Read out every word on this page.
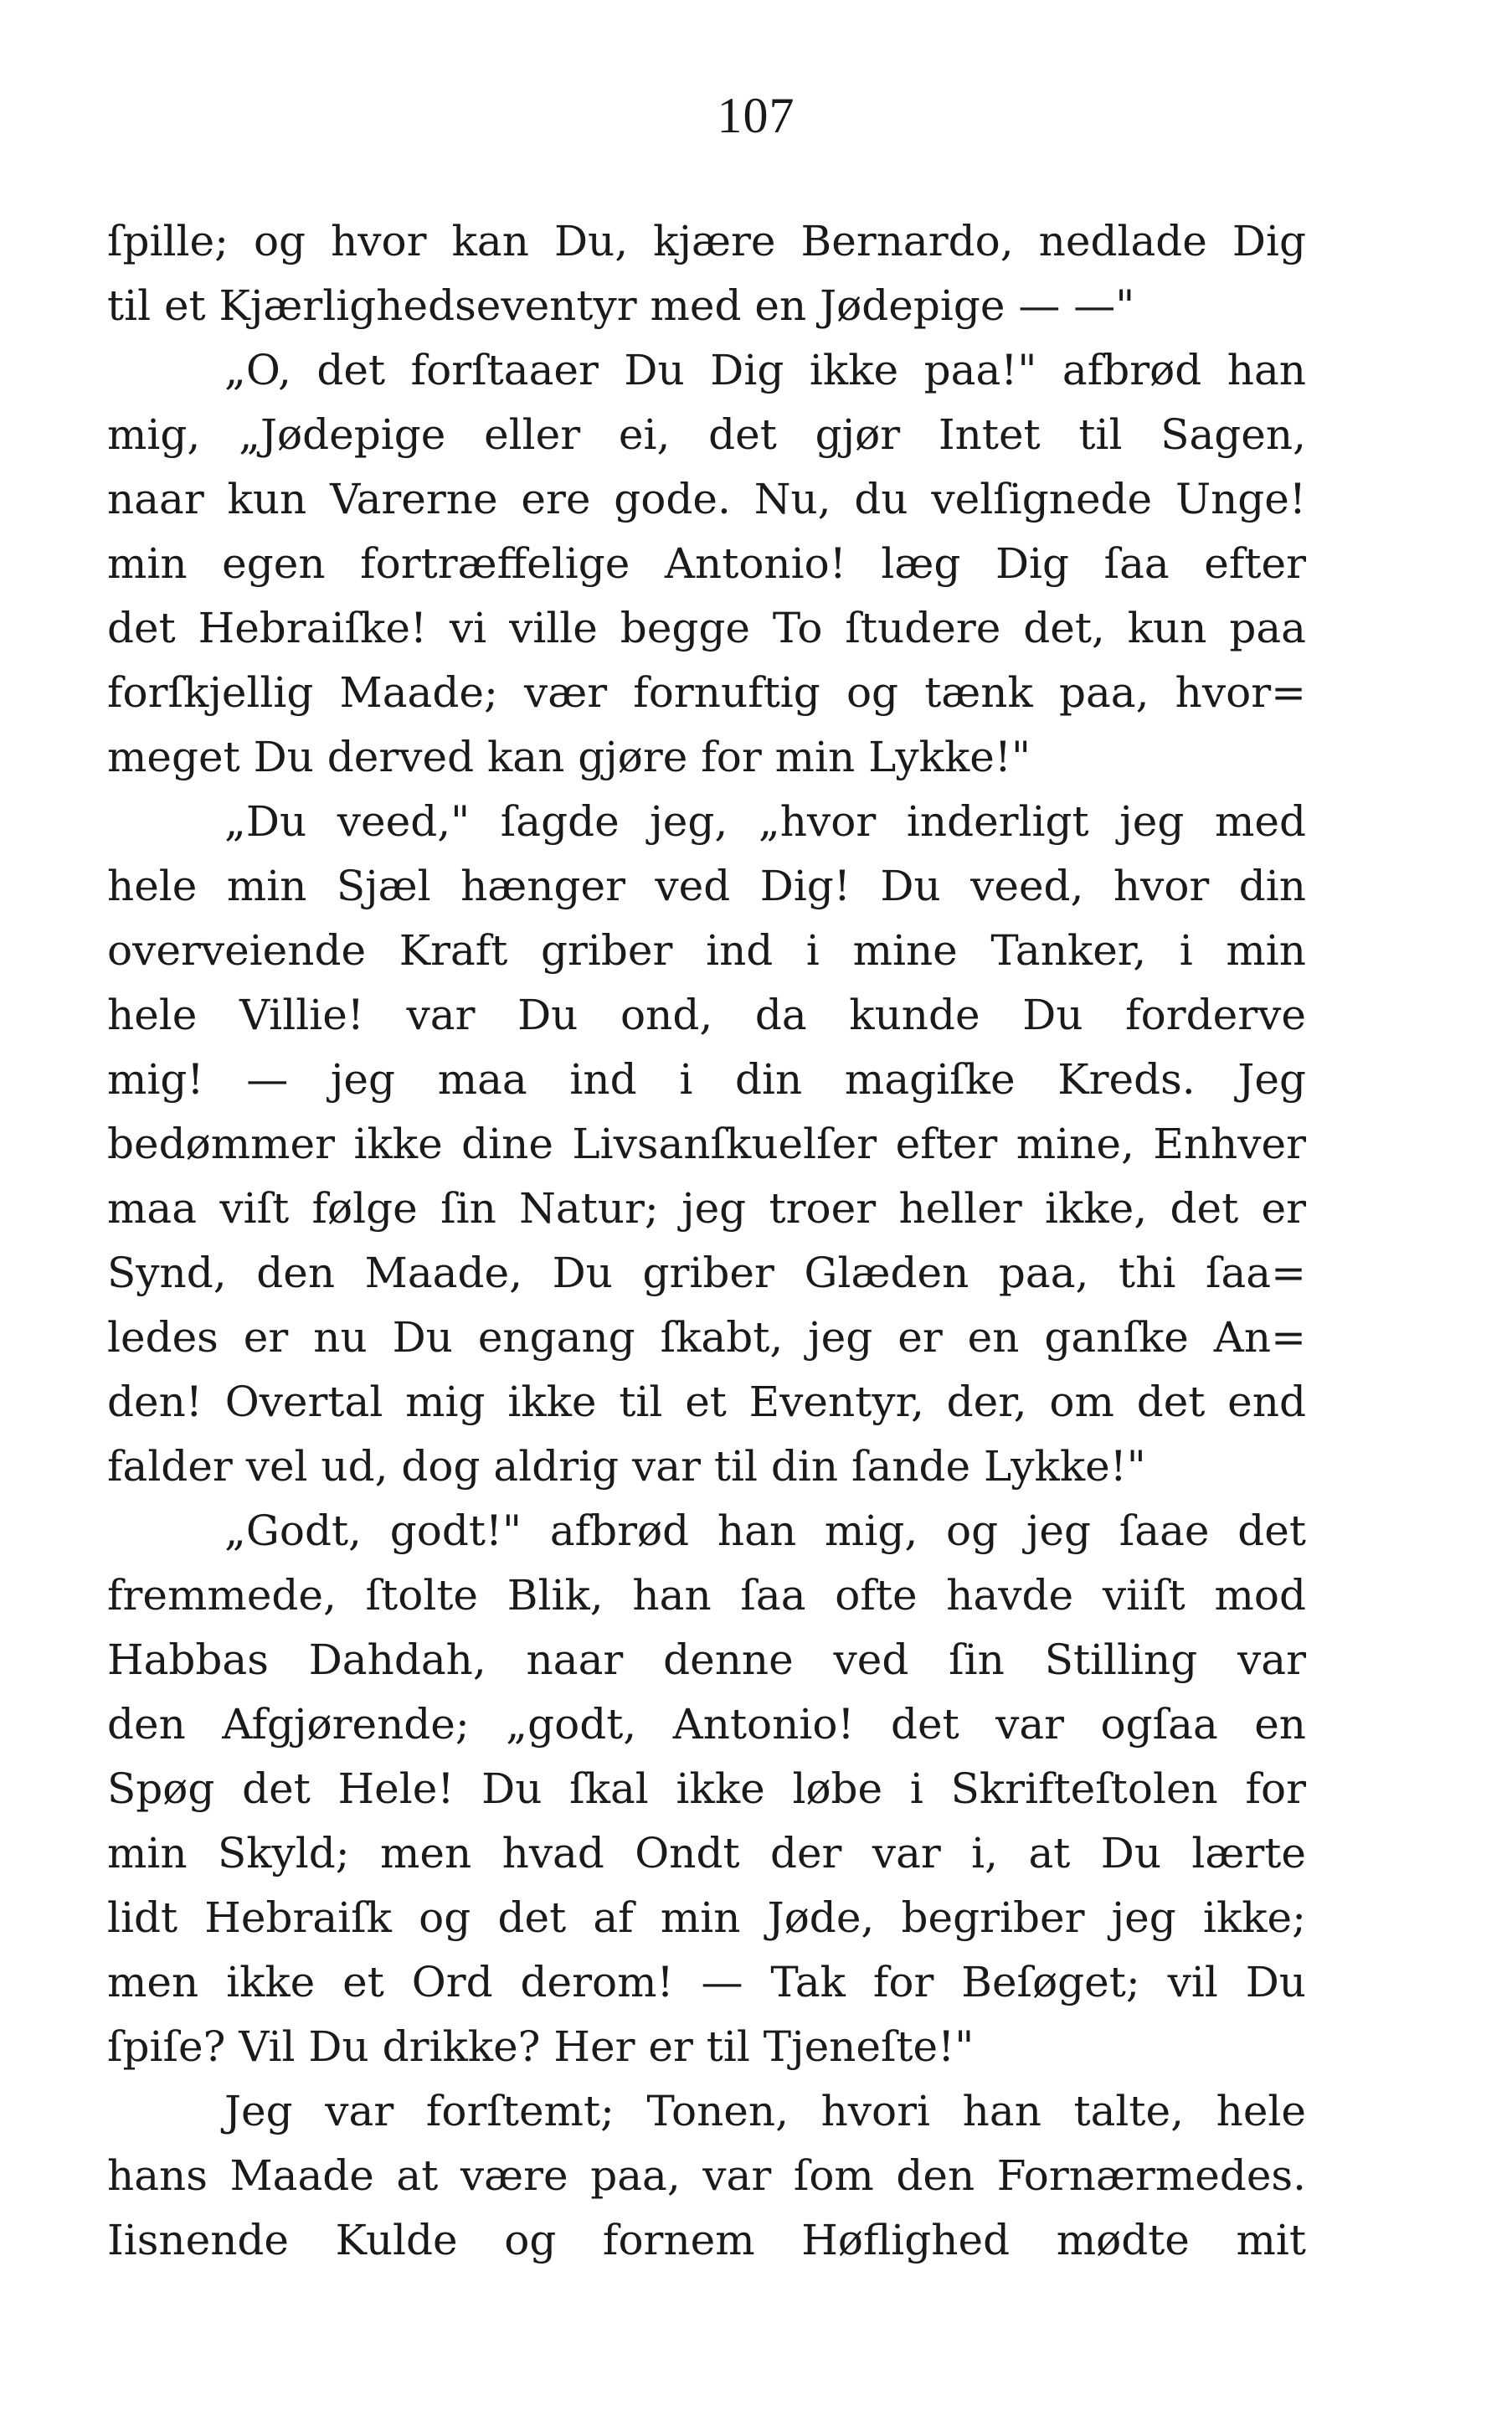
107
ſpille; og hvor kan Du, kjære Bernardo, nedlade Dig
til et Kjærlighedseventyr med en Jødepige — —"
„O, det forſtaaer Du Dig ikke paa!" afbrød han
mig, „Jødepige eller ei, det gjør Intet til Sagen,
naar kun Varerne ere gode. Nu, du velſignede Unge!
min egen fortræffelige Antonio! læg Dig ſaa efter
det Hebraiſke! vi ville begge To ſtudere det, kun paa
forſkjellig Maade; vær fornuftig og tænk paa, hvor=
meget Du derved kan gjøre for min Lykke!"
„Du veed," ſagde jeg, „hvor inderligt jeg med
hele min Sjæl hænger ved Dig! Du veed, hvor din
overveiende Kraft griber ind i mine Tanker, i min
hele Villie! var Du ond, da kunde Du forderve
mig! — jeg maa ind i din magiſke Kreds. Jeg
bedømmer ikke dine Livsanſkuelſer efter mine, Enhver
maa viſt følge ſin Natur; jeg troer heller ikke, det er
Synd, den Maade, Du griber Glæden paa, thi ſaa=
ledes er nu Du engang ſkabt, jeg er en ganſke An=
den! Overtal mig ikke til et Eventyr, der, om det end
falder vel ud, dog aldrig var til din ſande Lykke!"
„Godt, godt!" afbrød han mig, og jeg ſaae det
fremmede, ſtolte Blik, han ſaa ofte havde viiſt mod
Habbas Dahdah, naar denne ved ſin Stilling var
den Afgjørende; „godt, Antonio! det var ogſaa en
Spøg det Hele! Du ſkal ikke løbe i Skrifteſtolen for
min Skyld; men hvad Ondt der var i, at Du lærte
lidt Hebraiſk og det af min Jøde, begriber jeg ikke;
men ikke et Ord derom! — Tak for Beſøget; vil Du
ſpiſe? Vil Du drikke? Her er til Tjeneſte!"
Jeg var forſtemt; Tonen, hvori han talte, hele
hans Maade at være paa, var ſom den Fornærmedes.
Iisnende Kulde og fornem Høflighed mødte mit
